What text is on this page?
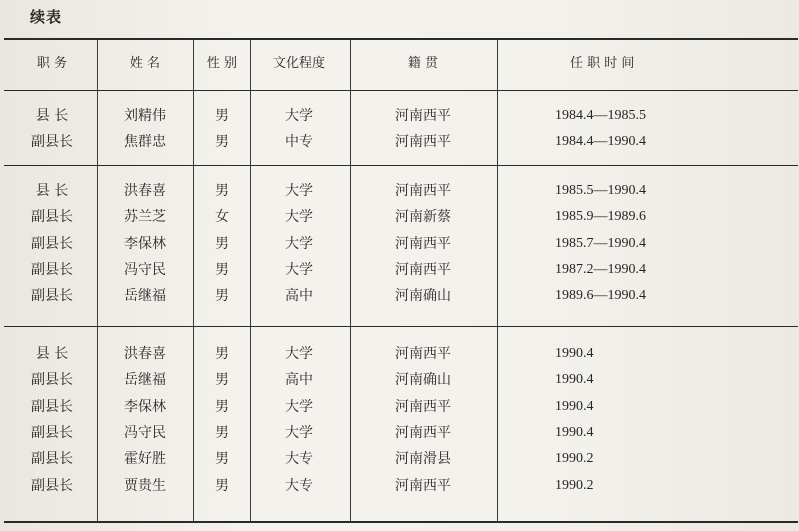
续表
职 务	姓 名	性 别	文化程度	籍 贯	任 职 时 间
县 长	刘精伟	男	大学	河南西平	1984.4—1985.5
副县长	焦群忠	男	中专	河南西平	1984.4—1990.4
县 长	洪春喜	男	大学	河南西平	1985.5—1990.4
副县长	苏兰芝	女	大学	河南新蔡	1985.9—1989.6
副县长	李保林	男	大学	河南西平	1985.7—1990.4
副县长	冯守民	男	大学	河南西平	1987.2—1990.4
副县长	岳继福	男	高中	河南确山	1989.6—1990.4
县 长	洪春喜	男	大学	河南西平	1990.4
副县长	岳继福	男	高中	河南确山	1990.4
副县长	李保林	男	大学	河南西平	1990.4
副县长	冯守民	男	大学	河南西平	1990.4
副县长	霍好胜	男	大专	河南滑县	1990.2
副县长	贾贵生	男	大专	河南西平	1990.2
